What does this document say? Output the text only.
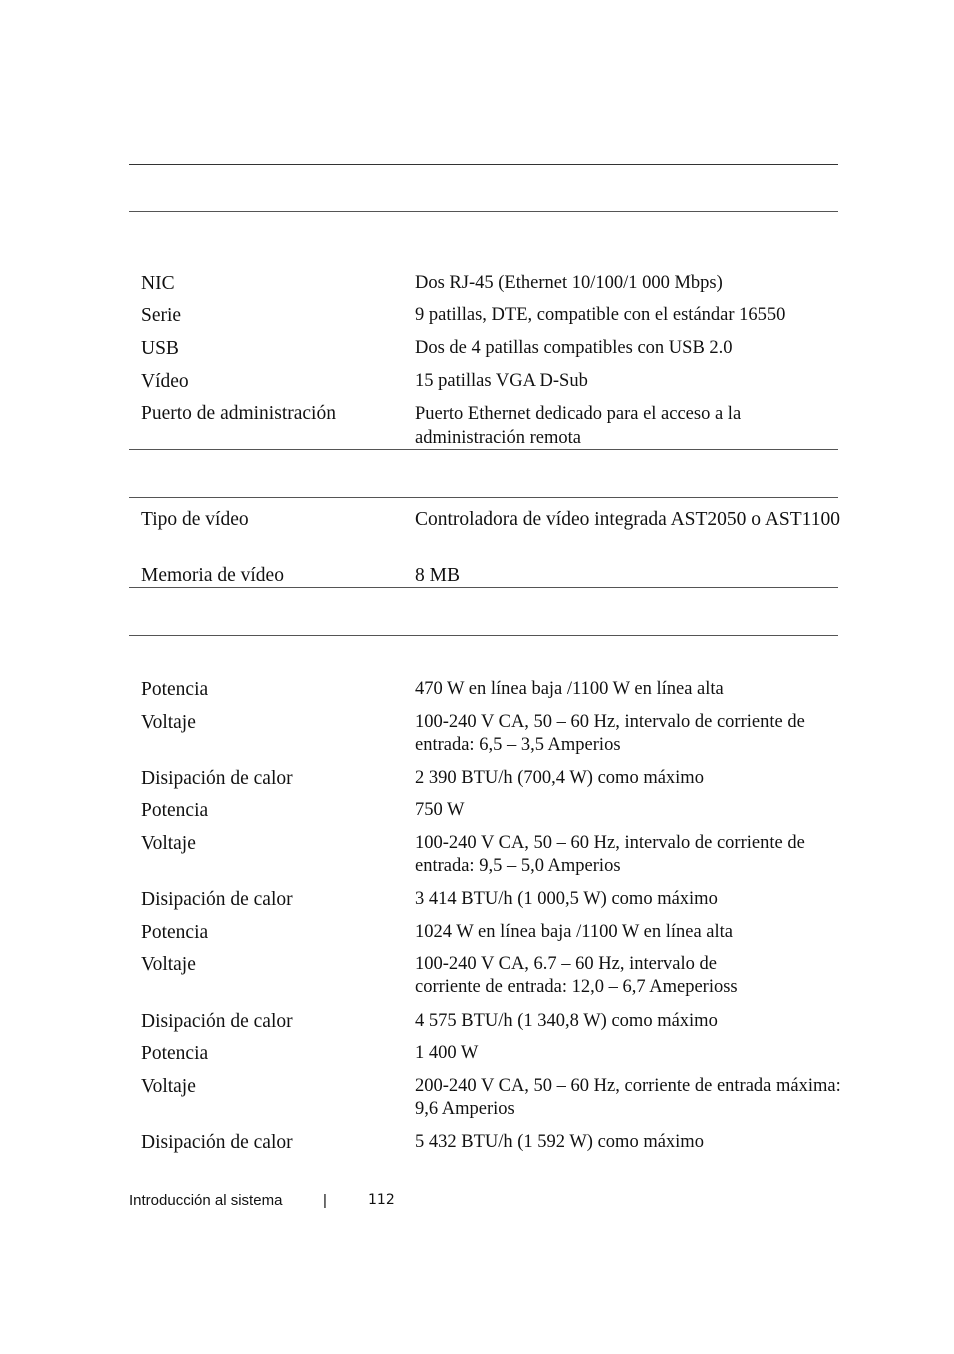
NIC	Dos RJ-45 (Ethernet 10/100/1 000 Mbps)
Serie	9 patillas, DTE, compatible con el estándar 16550
USB	Dos de 4 patillas compatibles con USB 2.0
Vídeo	15 patillas VGA D-Sub
Puerto de administración	Puerto Ethernet dedicado para el acceso a la administración remota
Tipo de vídeo	Controladora de vídeo integrada AST2050 o AST1100
Memoria de vídeo	8 MB
Potencia	470 W en línea baja /1100 W en línea alta
Voltaje	100-240 V CA, 50 – 60 Hz, intervalo de corriente de entrada: 6,5 – 3,5 Amperios
Disipación de calor	2 390 BTU/h (700,4 W) como máximo
Potencia	750 W
Voltaje	100-240 V CA, 50 – 60 Hz, intervalo de corriente de entrada: 9,5 – 5,0 Amperios
Disipación de calor	3 414 BTU/h (1 000,5 W) como máximo
Potencia	1024 W en línea baja /1100 W en línea alta
Voltaje	100-240 V CA, 6.7 – 60 Hz, intervalo de corriente de entrada: 12,0 – 6,7 Ameperioss
Disipación de calor	4 575 BTU/h (1 340,8 W) como máximo
Potencia	1 400 W
Voltaje	200-240 V CA, 50 – 60 Hz, corriente de entrada máxima: 9,6 Amperios
Disipación de calor	5 432 BTU/h (1 592 W) como máximo
Introducción al sistema	|	112
